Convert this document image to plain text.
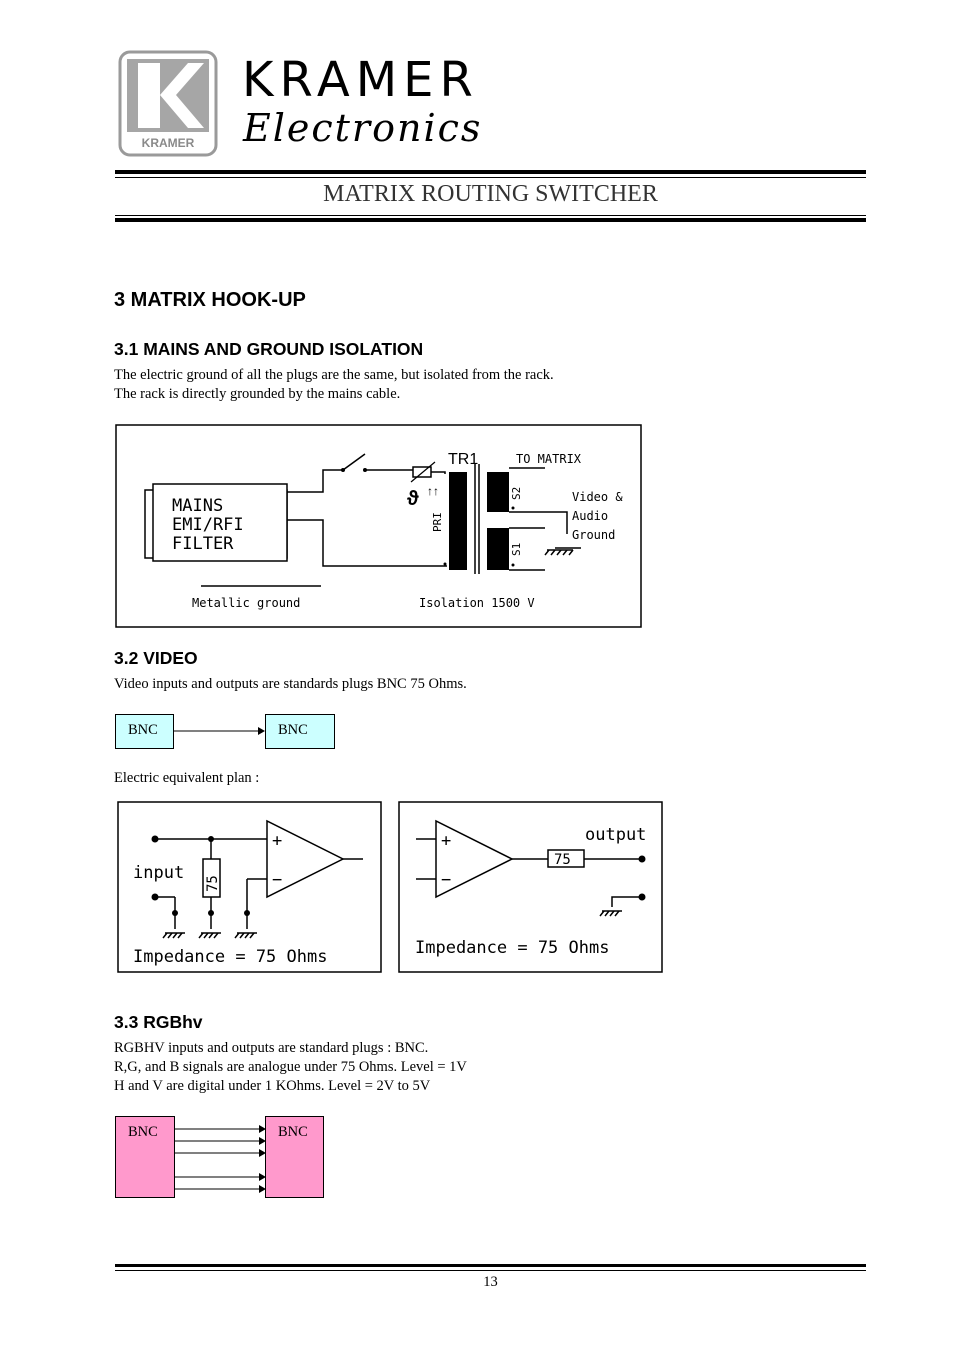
KRAMER
KRAMER
Electronics
MATRIX ROUTING SWITCHER
3 MATRIX HOOK-UP
3.1 MAINS AND GROUND ISOLATION
The electric ground of all the plugs are the same, but isolated from the rack.
The rack is directly grounded by the mains cable.
MAINS
EMI/RFI
FILTER
ϑ ↑↑
TR1
PRI
S2
S1
TO MATRIX
Video &
Audio
Ground
Metallic ground	Isolation 1500 V
3.2 VIDEO
Video inputs and outputs are standards plugs BNC 75 Ohms.
BNC	BNC
Electric equivalent plan :
75
+
−
input
Impedance = 75 Ohms
75
+
−
output
Impedance = 75 Ohms
3.3 RGBhv
RGBHV inputs and outputs are standard plugs : BNC.
R,G, and B signals are analogue under 75 Ohms. Level = 1V
H and V are digital under 1 KOhms. Level = 2V to 5V
BNC	BNC
13
